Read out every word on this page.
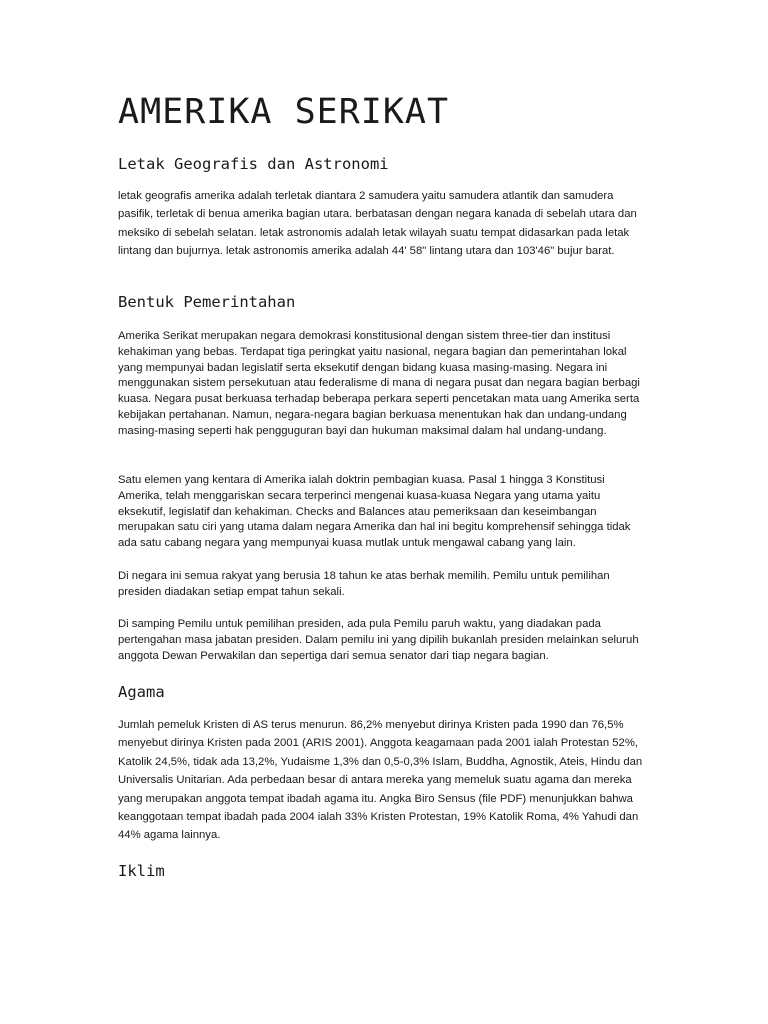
AMERIKA SERIKAT
Letak Geografis dan Astronomi

letak geografis amerika adalah terletak diantara 2 samudera yaitu samudera atlantik dan samudera pasifik, terletak di benua amerika bagian utara. berbatasan dengan negara kanada di sebelah utara dan meksiko di sebelah selatan. letak astronomis adalah letak wilayah suatu tempat didasarkan pada letak lintang dan bujurnya. letak astronomis amerika adalah 44' 58" lintang utara dan 103'46" bujur barat.

Bentuk Pemerintahan

Amerika Serikat merupakan negara demokrasi konstitusional dengan sistem three-tier dan institusi kehakiman yang bebas. Terdapat tiga peringkat yaitu nasional, negara bagian dan pemerintahan lokal yang mempunyai badan legislatif serta eksekutif dengan bidang kuasa masing-masing. Negara ini menggunakan sistem persekutuan atau federalisme di mana di negara pusat dan negara bagian berbagi kuasa. Negara pusat berkuasa terhadap beberapa perkara seperti pencetakan mata uang Amerika serta kebijakan pertahanan. Namun, negara-negara bagian berkuasa menentukan hak dan undang-undang masing-masing seperti hak pengguguran bayi dan hukuman maksimal dalam hal undang-undang.

Satu elemen yang kentara di Amerika ialah doktrin pembagian kuasa. Pasal 1 hingga 3 Konstitusi Amerika, telah menggariskan secara terperinci mengenai kuasa-kuasa Negara yang utama yaitu eksekutif, legislatif dan kehakiman. Checks and Balances atau pemeriksaan dan keseimbangan merupakan satu ciri yang utama dalam negara Amerika dan hal ini begitu komprehensif sehingga tidak ada satu cabang negara yang mempunyai kuasa mutlak untuk mengawal cabang yang lain.

Di negara ini semua rakyat yang berusia 18 tahun ke atas berhak memilih. Pemilu untuk pemilihan presiden diadakan setiap empat tahun sekali.

Di samping Pemilu untuk pemilihan presiden, ada pula Pemilu paruh waktu, yang diadakan pada pertengahan masa jabatan presiden. Dalam pemilu ini yang dipilih bukanlah presiden melainkan seluruh anggota Dewan Perwakilan dan sepertiga dari semua senator dari tiap negara bagian.

Agama

Jumlah pemeluk Kristen di AS terus menurun. 86,2% menyebut dirinya Kristen pada 1990 dan 76,5% menyebut dirinya Kristen pada 2001 (ARIS 2001). Anggota keagamaan pada 2001 ialah Protestan 52%, Katolik 24,5%, tidak ada 13,2%, Yudaisme 1,3% dan 0,5-0,3% Islam, Buddha, Agnostik, Ateis, Hindu dan Universalis Unitarian. Ada perbedaan besar di antara mereka yang memeluk suatu agama dan mereka yang merupakan anggota tempat ibadah agama itu. Angka Biro Sensus (file PDF) menunjukkan bahwa keanggotaan tempat ibadah pada 2004 ialah 33% Kristen Protestan, 19% Katolik Roma, 4% Yahudi dan 44% agama lainnya.

Iklim
